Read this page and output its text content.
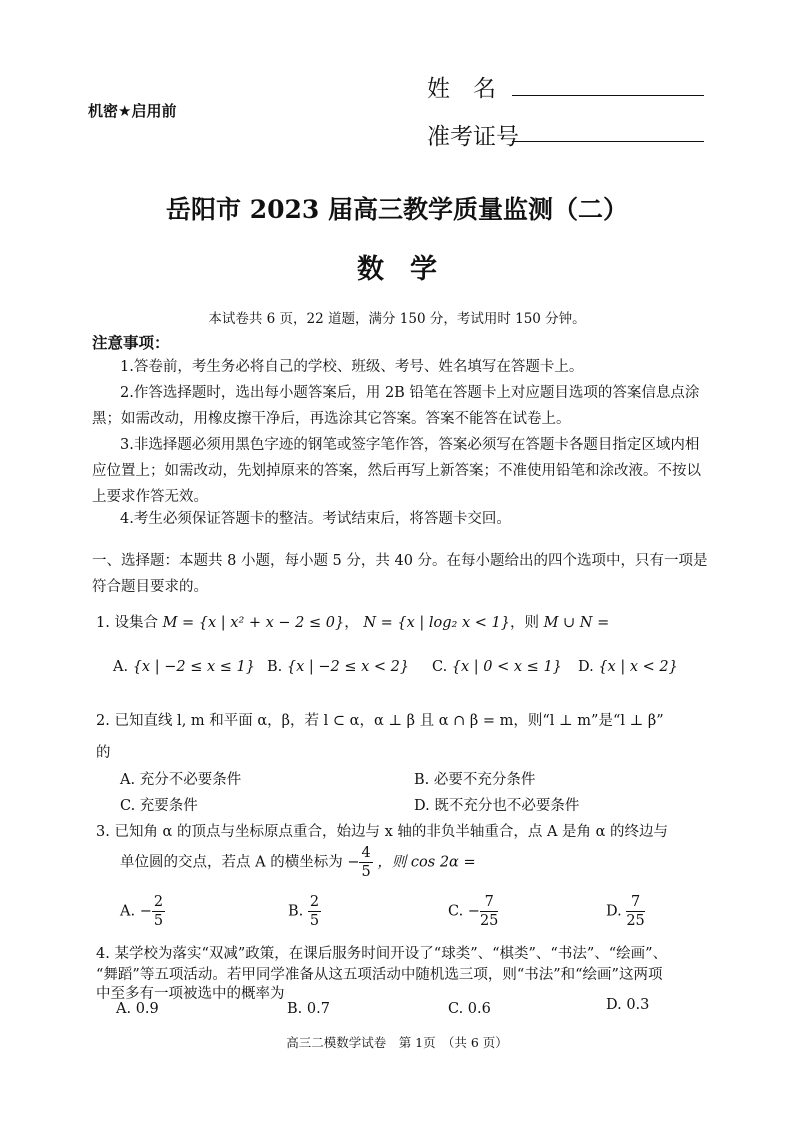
姓　名
机密★启用前
准考证号
岳阳市 2023 届高三教学质量监测（二）
数学
本试卷共 6 页，22 道题，满分 150 分，考试用时 150 分钟。
注意事项：
1.答卷前，考生务必将自己的学校、班级、考号、姓名填写在答题卡上。
2.作答选择题时，选出每小题答案后，用 2B 铅笔在答题卡上对应题目选项的答案信息点涂黑；如需改动，用橡皮擦干净后，再选涂其它答案。答案不能答在试卷上。
3.非选择题必须用黑色字迹的钢笔或签字笔作答，答案必须写在答题卡各题目指定区域内相应位置上；如需改动，先划掉原来的答案，然后再写上新答案；不准使用铅笔和涂改液。不按以上要求作答无效。
4.考生必须保证答题卡的整洁。考试结束后，将答题卡交回。
一、选择题：本题共 8 小题，每小题 5 分，共 40 分。在每小题给出的四个选项中，只有一项是符合题目要求的。
1. 设集合 M = {x | x² + x − 2 ≤ 0}， N = {x | log₂ x < 1}，则 M ∪ N =
A. {x | −2 ≤ x ≤ 1} B. {x | −2 ≤ x < 2} C. {x | 0 < x ≤ 1} D. {x | x < 2}
2. 已知直线 l, m 和平面 α，β，若 l ⊂ α，α ⊥ β 且 α ∩ β = m，则“l ⊥ m”是“l ⊥ β”
的
A. 充分不必要条件	B. 必要不充分条件
C. 充要条件	D. 既不充分也不必要条件
3. 已知角 α 的顶点与坐标原点重合，始边与 x 轴的非负半轴重合，点 A 是角 α 的终边与
单位圆的交点，若点 A 的横坐标为 − $\frac{4}{5}$ ，则 cos 2α =
A. − $\frac{2}{5}$	B. $\frac{2}{5}$	C. − $\frac{7}{25}$	D. $\frac{7}{25}$
4. 某学校为落实“双减”政策，在课后服务时间开设了“球类”、“棋类”、“书法”、“绘画”、
“舞蹈”等五项活动。若甲同学准备从这五项活动中随机选三项，则“书法”和“绘画”这两项
中至多有一项被选中的概率为
A. 0.9	B. 0.7	C. 0.6	D. 0.3
高三二模数学试卷　第 1页　（共 6 页）
